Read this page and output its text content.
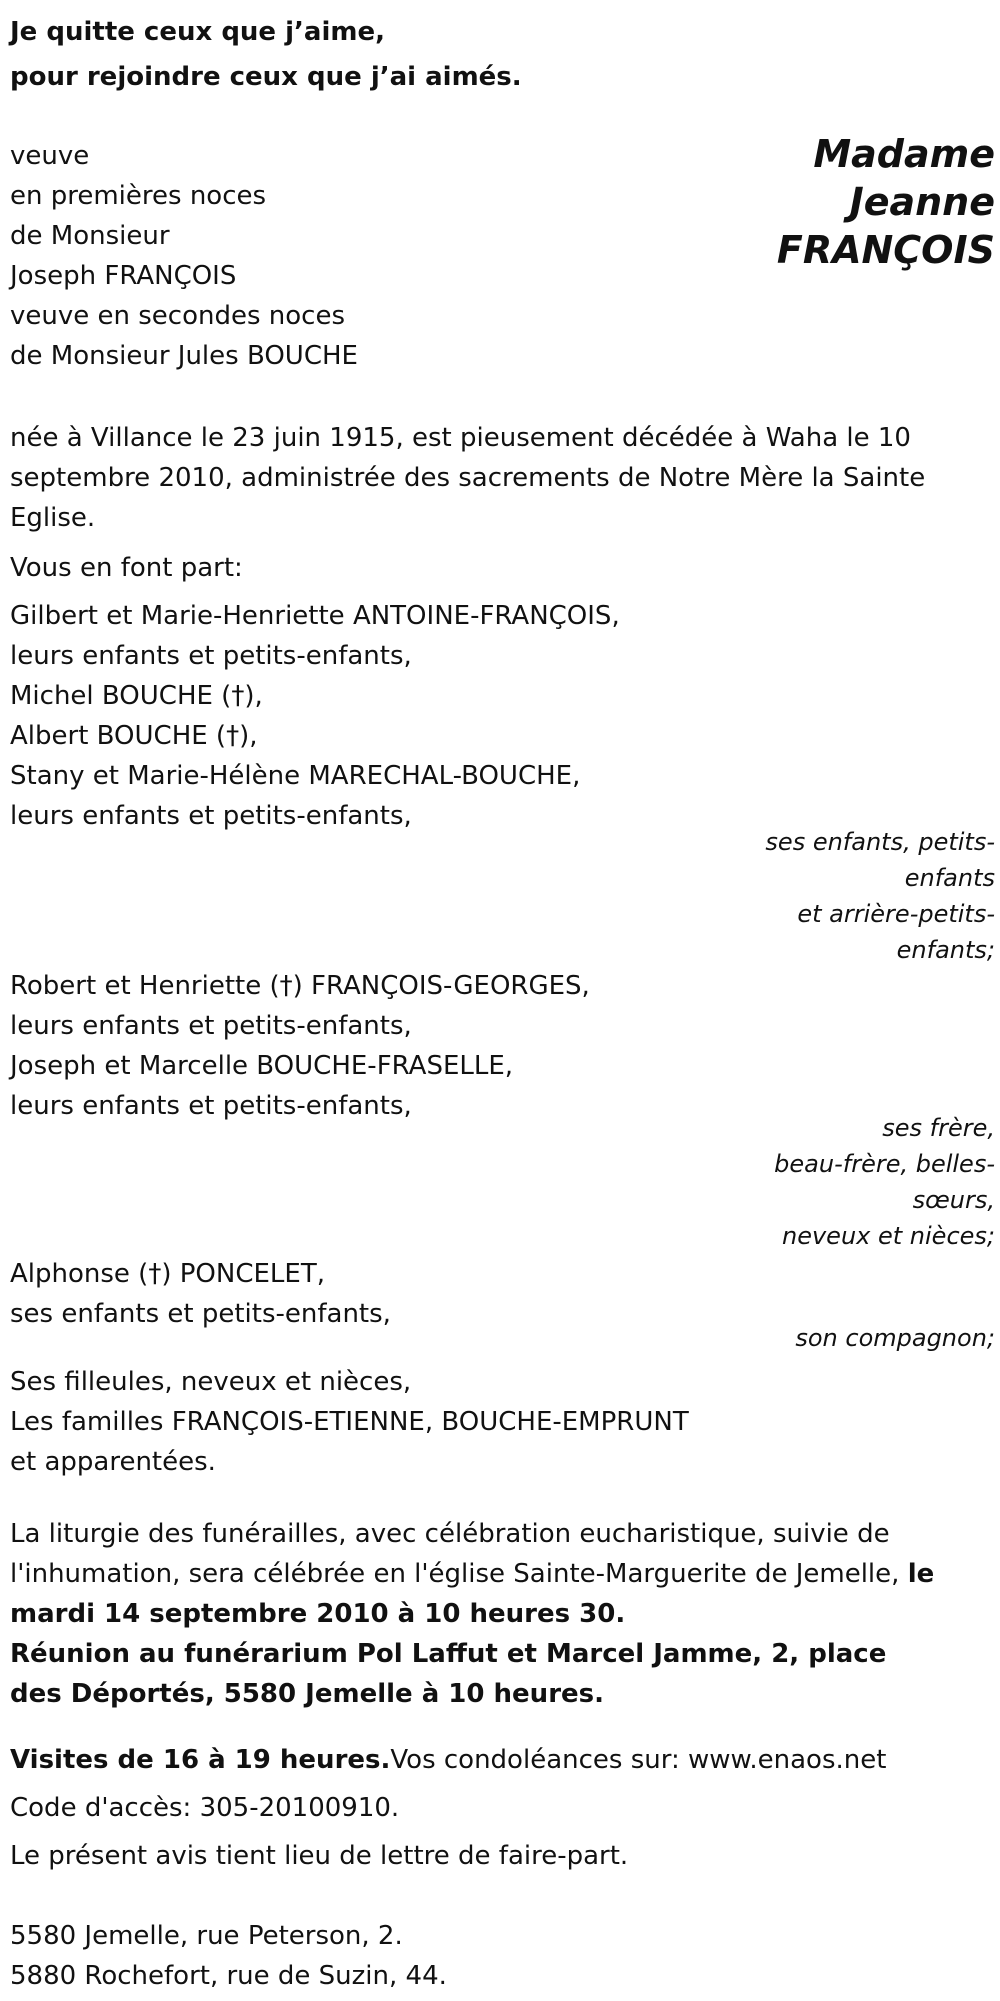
Je quitte ceux que j’aime,
pour rejoindre ceux que j’ai aimés.
veuve
en premières noces
de Monsieur
Joseph FRANÇOIS
veuve en secondes noces
de Monsieur Jules BOUCHE
Madame
Jeanne
FRANÇOIS
née à Villance le 23 juin 1915, est pieusement décédée à Waha le 10 septembre 2010, administrée des sacrements de Notre Mère la Sainte Eglise.
Vous en font part:
Gilbert et Marie-Henriette ANTOINE-FRANÇOIS,
leurs enfants et petits-enfants,
Michel BOUCHE (†),
Albert BOUCHE (†),
Stany et Marie-Hélène MARECHAL-BOUCHE,
leurs enfants et petits-enfants,
ses enfants, petits-enfants
et arrière-petits-enfants;
Robert et Henriette (†) FRANÇOIS-GEORGES,
leurs enfants et petits-enfants,
Joseph et Marcelle BOUCHE-FRASELLE,
leurs enfants et petits-enfants,
ses frère,
beau-frère, belles-sœurs,
neveux et nièces;
Alphonse (†) PONCELET,
ses enfants et petits-enfants,
son compagnon;
Ses filleules, neveux et nièces,
Les familles FRANÇOIS-ETIENNE, BOUCHE-EMPRUNT
et apparentées.
La liturgie des funérailles, avec célébration eucharistique, suivie de l'inhumation, sera célébrée en l'église Sainte-Marguerite de Jemelle, le mardi 14 septembre 2010 à 10 heures 30.
Réunion au funérarium Pol Laffut et Marcel Jamme, 2, place des Déportés, 5580 Jemelle à 10 heures.
Visites de 16 à 19 heures.Vos condoléances sur: www.enaos.net
Code d'accès: 305-20100910.
Le présent avis tient lieu de lettre de faire-part.
5580 Jemelle, rue Peterson, 2.
5880 Rochefort, rue de Suzin, 44.
